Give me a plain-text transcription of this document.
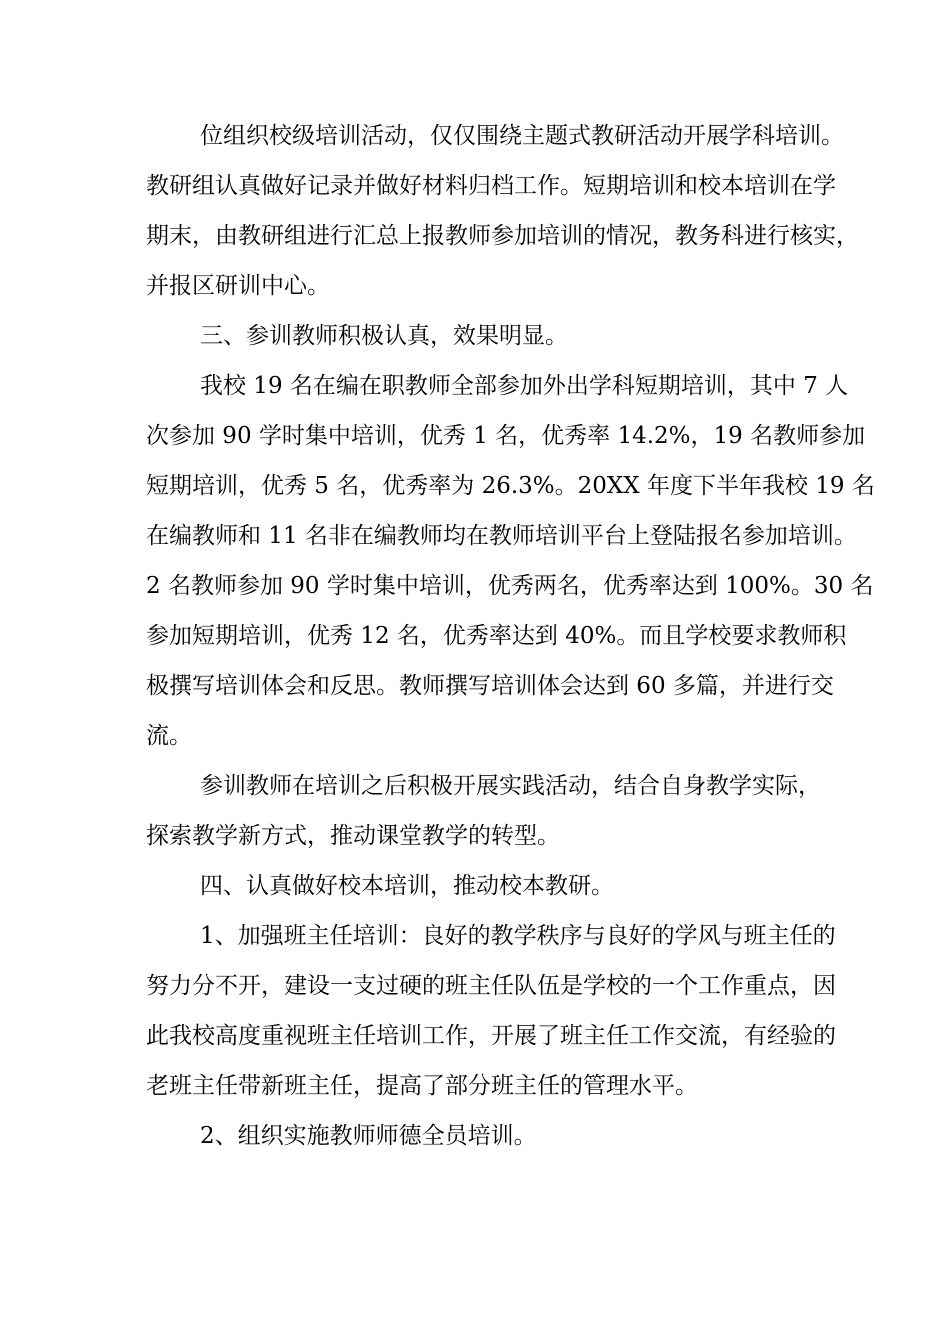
位组织校级培训活动，仅仅围绕主题式教研活动开展学科培训。
教研组认真做好记录并做好材料归档工作。短期培训和校本培训在学
期末，由教研组进行汇总上报教师参加培训的情况，教务科进行核实，
并报区研训中心。
三、参训教师积极认真，效果明显。
我校 19 名在编在职教师全部参加外出学科短期培训，其中 7 人
次参加 90 学时集中培训，优秀 1 名，优秀率 14.2%，19 名教师参加
短期培训，优秀 5 名，优秀率为 26.3%。20XX 年度下半年我校 19 名
在编教师和 11 名非在编教师均在教师培训平台上登陆报名参加培训。
2 名教师参加 90 学时集中培训，优秀两名，优秀率达到 100%。30 名
参加短期培训，优秀 12 名，优秀率达到 40%。而且学校要求教师积
极撰写培训体会和反思。教师撰写培训体会达到 60 多篇，并进行交
流。
参训教师在培训之后积极开展实践活动，结合自身教学实际，
探索教学新方式，推动课堂教学的转型。
四、认真做好校本培训，推动校本教研。
1、加强班主任培训：良好的教学秩序与良好的学风与班主任的
努力分不开，建设一支过硬的班主任队伍是学校的一个工作重点，因
此我校高度重视班主任培训工作，开展了班主任工作交流，有经验的
老班主任带新班主任，提高了部分班主任的管理水平。
2、组织实施教师师德全员培训。
